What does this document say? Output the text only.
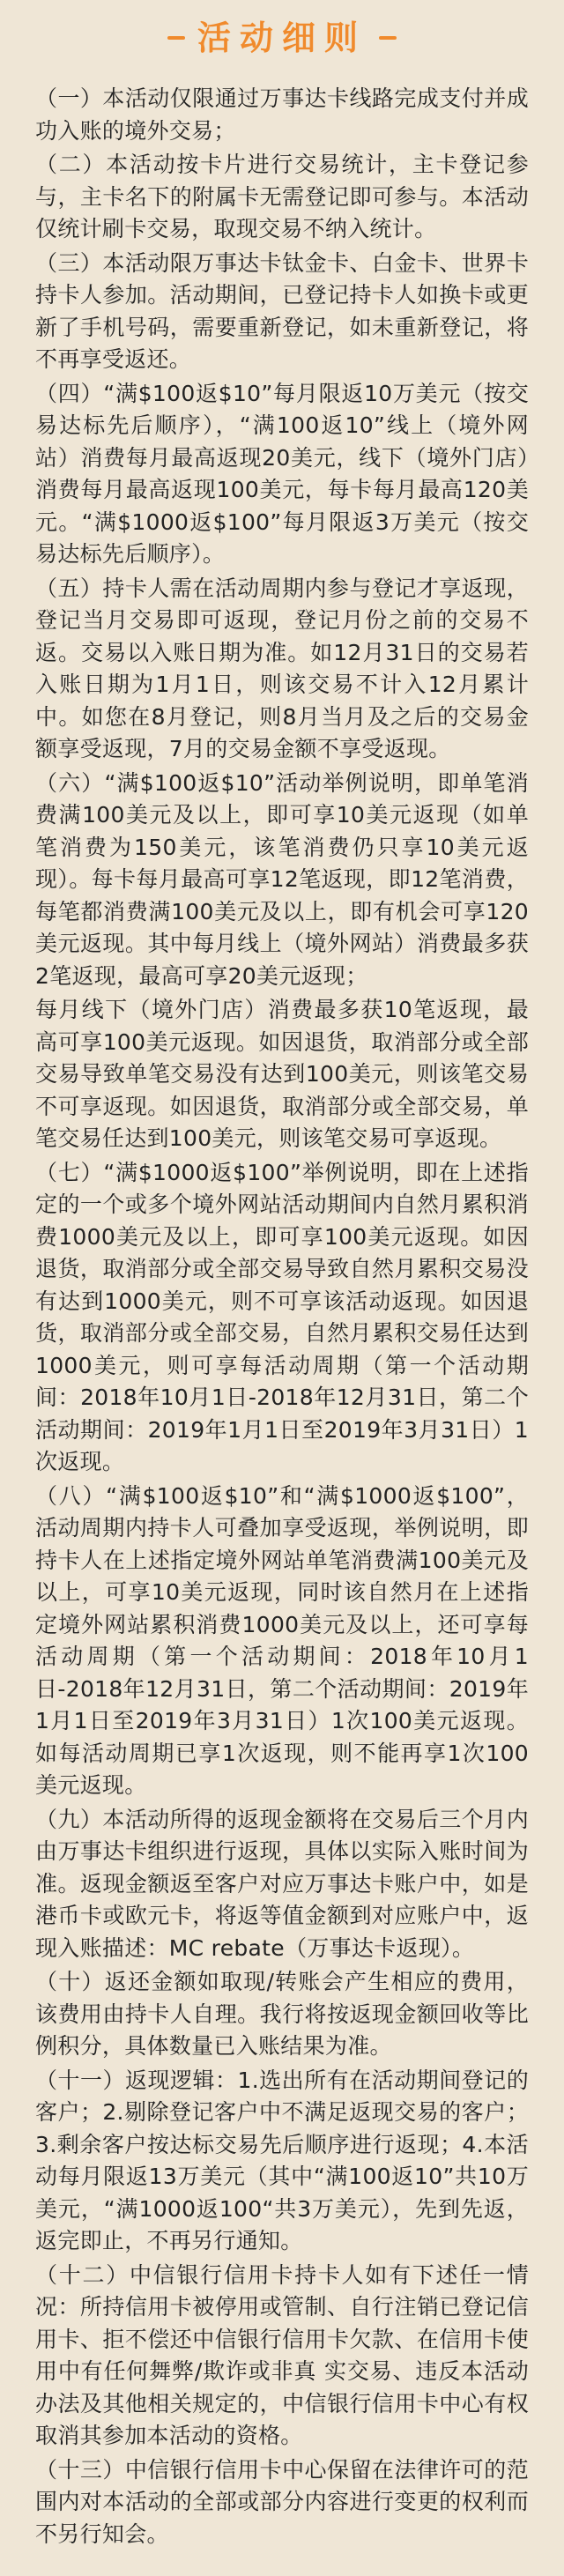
活动细则

（一）本活动仅限通过万事达卡线路完成支付并成功入账的境外交易；

（二）本活动按卡片进行交易统计，主卡登记参与，主卡名下的附属卡无需登记即可参与。本活动仅统计刷卡交易，取现交易不纳入统计。

（三）本活动限万事达卡钛金卡、白金卡、世界卡持卡人参加。活动期间，已登记持卡人如换卡或更新了手机号码，需要重新登记，如未重新登记，将不再享受返还。

（四）“满$100返$10”每月限返10万美元（按交易达标先后顺序），“满100返10”线上（境外网站）消费每月最高返现20美元，线下（境外门店）消费每月最高返现100美元，每卡每月最高120美元。“满$1000返$100”每月限返3万美元（按交易达标先后顺序）。

（五）持卡人需在活动周期内参与登记才享返现，登记当月交易即可返现，登记月份之前的交易不返。交易以入账日期为准。如12月31日的交易若入账日期为1月1日，则该交易不计入12月累计中。如您在8月登记，则8月当月及之后的交易金额享受返现，7月的交易金额不享受返现。

（六）“满$100返$10”活动举例说明，即单笔消费满100美元及以上，即可享10美元返现（如单笔消费为150美元，该笔消费仍只享10美元返现）。每卡每月最高可享12笔返现，即12笔消费，每笔都消费满100美元及以上，即有机会可享120美元返现。其中每月线上（境外网站）消费最多获2笔返现，最高可享20美元返现；

每月线下（境外门店）消费最多获10笔返现，最高可享100美元返现。如因退货，取消部分或全部交易导致单笔交易没有达到100美元，则该笔交易不可享返现。如因退货，取消部分或全部交易，单笔交易任达到100美元，则该笔交易可享返现。

（七）“满$1000返$100”举例说明，即在上述指定的一个或多个境外网站活动期间内自然月累积消费1000美元及以上，即可享100美元返现。如因退货，取消部分或全部交易导致自然月累积交易没有达到1000美元，则不可享该活动返现。如因退货，取消部分或全部交易，自然月累积交易任达到1000美元，则可享每活动周期（第一个活动期间：2018年10月1日-2018年12月31日，第二个活动期间：2019年1月1日至2019年3月31日）1次返现。

（八）“满$100返$10”和“满$1000返$100”，活动周期内持卡人可叠加享受返现，举例说明，即持卡人在上述指定境外网站单笔消费满100美元及以上，可享10美元返现，同时该自然月在上述指定境外网站累积消费1000美元及以上，还可享每活动周期（第一个活动期间：2018年10月1日-2018年12月31日，第二个活动期间：2019年1月1日至2019年3月31日）1次100美元返现。如每活动周期已享1次返现，则不能再享1次100美元返现。

（九）本活动所得的返现金额将在交易后三个月内由万事达卡组织进行返现，具体以实际入账时间为准。返现金额返至客户对应万事达卡账户中，如是港币卡或欧元卡，将返等值金额到对应账户中，返现入账描述：MC rebate（万事达卡返现）。

（十）返还金额如取现/转账会产生相应的费用，该费用由持卡人自理。我行将按返现金额回收等比例积分，具体数量已入账结果为准。

（十一）返现逻辑：1.选出所有在活动期间登记的客户；2.剔除登记客户中不满足返现交易的客户；3.剩余客户按达标交易先后顺序进行返现；4.本活动每月限返13万美元（其中“满100返10”共10万美元，“满1000返100“共3万美元），先到先返，返完即止，不再另行通知。

（十二）中信银行信用卡持卡人如有下述任一情况：所持信用卡被停用或管制、自行注销已登记信用卡、拒不偿还中信银行信用卡欠款、在信用卡使用中有任何舞弊/欺诈或非真 实交易、违反本活动办法及其他相关规定的，中信银行信用卡中心有权取消其参加本活动的资格。

（十三）中信银行信用卡中心保留在法律许可的范围内对本活动的全部或部分内容进行变更的权利而不另行知会。
